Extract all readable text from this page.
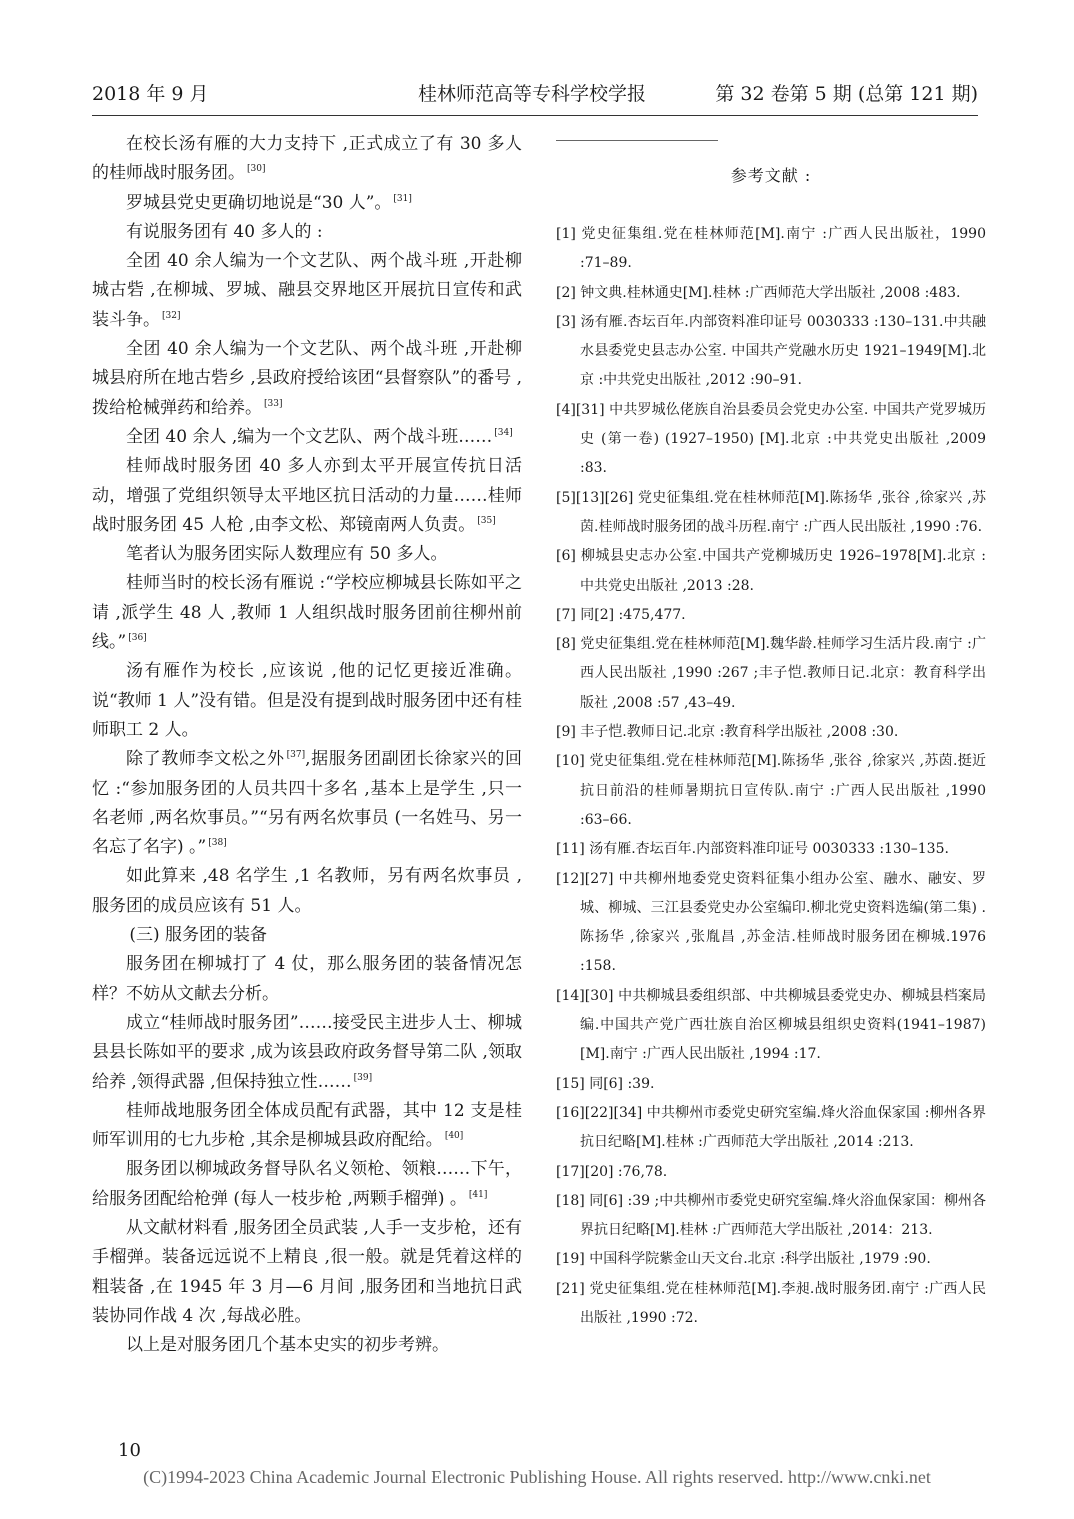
2018 年 9 月	桂林师范高等专科学校学报	第 32 卷第 5 期 (总第 121 期)

在校长汤有雁的大力支持下 ,正式成立了有 30 多人的桂师战时服务团。 [30]

罗城县党史更确切地说是“30 人”。 [31]

有说服务团有 40 多人的 :

全团 40 余人编为一个文艺队、两个战斗班 ,开赴柳城古砦 ,在柳城、罗城、融县交界地区开展抗日宣传和武装斗争。 [32]

全团 40 余人编为一个文艺队、两个战斗班 ,开赴柳城县府所在地古砦乡 ,县政府授给该团“县督察队”的番号 ,拨给枪械弹药和给养。 [33]

全团 40 余人 ,编为一个文艺队、两个战斗班…… [34]

桂师战时服务团 40 多人亦到太平开展宣传抗日活动，增强了党组织领导太平地区抗日活动的力量……桂师战时服务团 45 人枪 ,由李文松、郑镜南两人负责。 [35]

笔者认为服务团实际人数理应有 50 多人。

桂师当时的校长汤有雁说 :“学校应柳城县长陈如平之请 ,派学生 48 人 ,教师 1 人组织战时服务团前往柳州前线。” [36]

汤有雁作为校长 ,应该说 ,他的记忆更接近准确。说“教师 1 人”没有错。但是没有提到战时服务团中还有桂师职工 2 人。

除了教师李文松之外 [37],据服务团副团长徐家兴的回忆 :“参加服务团的人员共四十多名 ,基本上是学生 ,只一名老师 ,两名炊事员。”“另有两名炊事员 (一名姓马、另一名忘了名字) 。” [38]

如此算来 ,48 名学生 ,1 名教师，另有两名炊事员 ,服务团的成员应该有 51 人。

(三) 服务团的装备

服务团在柳城打了 4 仗，那么服务团的装备情况怎样？不妨从文献去分析。

成立“桂师战时服务团”……接受民主进步人士、柳城县县长陈如平的要求 ,成为该县政府政务督导第二队 ,领取给养 ,领得武器 ,但保持独立性…… [39]

桂师战地服务团全体成员配有武器，其中 12 支是桂师军训用的七九步枪 ,其余是柳城县政府配给。 [40]

服务团以柳城政务督导队名义领枪、领粮……下午，给服务团配给枪弹 (每人一枝步枪 ,两颗手榴弹) 。 [41]

从文献材料看 ,服务团全员武装 ,人手一支步枪，还有手榴弹。装备远远说不上精良 ,很一般。就是凭着这样的粗装备 ,在 1945 年 3 月—6 月间 ,服务团和当地抗日武装协同作战 4 次 ,每战必胜。

以上是对服务团几个基本史实的初步考辨。

参考文献 :
[1] 党史征集组.党在桂林师范[M].南宁 :广西人民出版社，1990 :71–89.
[2] 钟文典.桂林通史[M].桂林 :广西师范大学出版社 ,2008 :483.
[3] 汤有雁.杏坛百年.内部资料准印证号 0030333 :130–131.中共融水县委党史县志办公室. 中国共产党融水历史 1921–1949[M].北京 :中共党史出版社 ,2012 :90–91.
[4][31] 中共罗城仫佬族自治县委员会党史办公室. 中国共产党罗城历史 (第一卷) (1927–1950) [M].北京 :中共党史出版社 ,2009 :83.
[5][13][26] 党史征集组.党在桂林师范[M].陈扬华 ,张谷 ,徐家兴 ,苏茵.桂师战时服务团的战斗历程.南宁 :广西人民出版社 ,1990 :76.
[6] 柳城县史志办公室.中国共产党柳城历史 1926–1978[M].北京 :中共党史出版社 ,2013 :28.
[7] 同[2] :475,477.
[8] 党史征集组.党在桂林师范[M].魏华龄.桂师学习生活片段.南宁 :广西人民出版社 ,1990 :267 ;丰子恺.教师日记.北京：教育科学出版社 ,2008 :57 ,43–49.
[9] 丰子恺.教师日记.北京 :教育科学出版社 ,2008 :30.
[10] 党史征集组.党在桂林师范[M].陈扬华 ,张谷 ,徐家兴 ,苏茵.挺近抗日前沿的桂师暑期抗日宣传队.南宁 :广西人民出版社 ,1990 :63–66.
[11] 汤有雁.杏坛百年.内部资料准印证号 0030333 :130–135.
[12][27] 中共柳州地委党史资料征集小组办公室、融水、融安、罗城、柳城、三江县委党史办公室编印.柳北党史资料选编(第二集) .陈扬华 ,徐家兴 ,张胤昌 ,苏金洁.桂师战时服务团在柳城.1976 :158.
[14][30] 中共柳城县委组织部、中共柳城县委党史办、柳城县档案局编.中国共产党广西壮族自治区柳城县组织史资料(1941–1987)[M].南宁 :广西人民出版社 ,1994 :17.
[15] 同[6] :39.
[16][22][34] 中共柳州市委党史研究室编.烽火浴血保家国 :柳州各界抗日纪略[M].桂林 :广西师范大学出版社 ,2014 :213.
[17][20] :76,78.
[18] 同[6] :39 ;中共柳州市委党史研究室编.烽火浴血保家国：柳州各界抗日纪略[M].桂林 :广西师范大学出版社 ,2014：213.
[19] 中国科学院紫金山天文台.北京 :科学出版社 ,1979 :90.
[21] 党史征集组.党在桂林师范[M].李昶.战时服务团.南宁 :广西人民出版社 ,1990 :72.
10
(C)1994-2023 China Academic Journal Electronic Publishing House. All rights reserved. http://www.cnki.net
